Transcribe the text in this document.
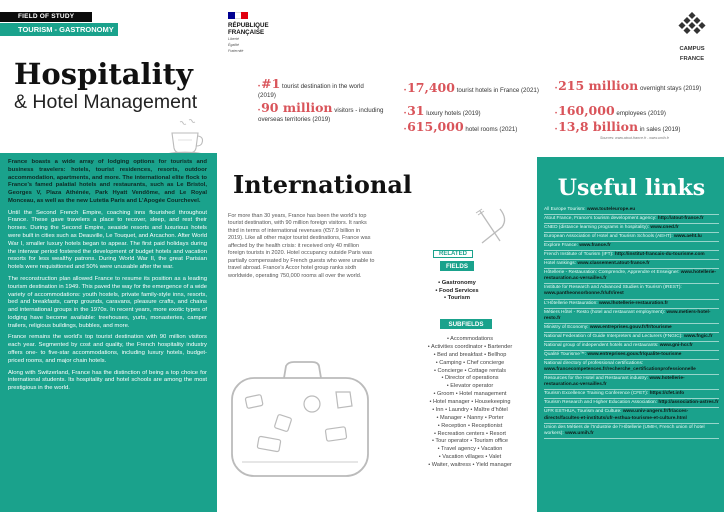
FIELD OF STUDY
TOURISM - GASTRONOMY
Hospitality
& Hotel Management
RÉPUBLIQUE
FRANÇAISE
Liberté
Égalité
Fraternité	CAMPUS
FRANCE
•#1 tourist destination in the world (2019)
•90 million visitors - including overseas territories (2019)
•17,400 tourist hotels in France (2021)
•31 luxury hotels (2019)
•615,000 hotel rooms (2021)
•215 million overnight stays (2019)
•160,000 employees (2019)
•13,8 billion in sales (2019)
Sources: www.atout-france.fr - www.umih.fr

France boasts a wide array of lodging options for tourists and business travelers: hotels, tourist residences, resorts, outdoor accommodation, apartments, and more. The international elite flock to France’s famed palatial hotels and restaurants, such as Le Bristol, Georges V, Plaza Athénée, Park Hyatt Vendôme, and Le Royal Monceau, as well as the new Lutetia Paris and L’Apogée Courchevel.

Until the Second French Empire, coaching inns flourished throughout France. These gave travelers a place to recover, sleep, and rest their horses. During the Second Empire, seaside resorts and luxurious hotels were built in cities such as Deauville, Le Touquet, and Arcachon. After World War I, smaller luxury hotels began to appear. The first paid holidays during the interwar period fostered the development of budget hotels and vacation resorts for less wealthy patrons. During World War II, the great Parisian hotels were requisitioned and 50% were unusable after the war.

The reconstruction plan allowed France to resume its position as a leading tourism destination in 1949. This paved the way for the emergence of a wide variety of accommodations: youth hostels, private family-style inns, resorts, bed and breakfasts, camp grounds, caravans, pleasure crafts, and chains and international groups in the 1970s. In recent years, more exotic types of lodging have become available: treehouses, yurts, monasteries, camper trailers, religious buildings, bubbles, and more.

France remains the world’s top tourist destination with 90 million visitors each year. Segmented by cost and quality, the French hospitality industry offers one- to five-star accommodations, including luxury hotels, budget-priced rooms, and major chain hotels.

Along with Switzerland, France has the distinction of being a top choice for international students. Its hospitality and hotel schools are among the most prestigious in the world.

International
For more than 30 years, France has been the world’s top tourist destination, with 90 million foreign visitors. It ranks third in terms of international revenues (€57.9 billion in 2019). Like all other major tourist destinations, France was affected by the health crisis: it received only 40 million foreign tourists in 2020. Hotel occupancy outside Paris was partially compensated by French guests who were unable to travel abroad. France’s Accor hotel group ranks sixth worldwide, operating 750,000 rooms all over the world.
RELATED
FIELDS
• Gastronomy
• Food Services
• Tourism
SUBFIELDS
• Accommodations
• Activities coordinator • Bartender
• Bed and breakfast • Bellhop
• Camping • Chef concierge
• Concierge • Cottage rentals
• Director of operations
• Elevator operator
• Groom • Hotel management
• Hotel manager • Housekeeping
• Inn • Laundry • Maître d’hôtel
• Manager • Nanny • Porter
• Reception • Receptionist
• Recreation centers • Resort
• Tour operator • Tourism office
• Travel agency • Vacation
• Vacation villages • Valet
• Waiter, waitress • Yield manager
Useful links
All Europe Tourism: www.touteleurope.eu
Atout France, France’s tourism development agency: http://atout-france.fr
CNED (distance learning programs in hospitality): www.cned.fr
European Association of Hotel and Tourism Schools (AEHT): www.aeht.lu
Explore France: www.france.fr
French Institute of Tourism (IFT): http://institut-francais-du-tourisme.com
Hotel rankings: www.classement.atout-france.fr
Hôtellerie - Restauration: Comprendre, Apprendre et Enseigner: www.hotellerie-restauration.ac-versailles.fr
Institute for Research and Advanced Studies in Tourism (IREST): www.pantheonsorbonne.fr/ufr/irest
L’Hôtellerie Restauration: www.lhotellerie-restauration.fr
Métiers Hôtel - Resto (hotel and restaurant employment): www.metiers-hotel-resto.fr
Ministry of Economy: www.entreprises.gouv.fr/fr/tourisme
National Federation of Guide Interpreters and Lecturers (FNGIC): www.fngic.fr
National group of independent hotels and restaurants: www.gni-hcr.fr
Qualité Tourisme™: www.entreprises.gouv.fr/qualite-tourisme
National directory of professional certifications: www.francecompetences.fr/recherche_certificationprofessionnelle
Resources for the Hotel and Restaurant industry: www.hotellerie-restauration.ac-versailles.fr
Tourism Excellence Training Conference (CFET): https://cfet.info
Tourism Research and Higher Education Association: http://association-astres.fr
UFR ESTHUA, Tourism and Culture: www.univ-angers.fr/fr/acces-directs/facultes-et-instituts/ufr-esthua-tourisme-et-culture.html
Union des Métiers de l’Industrie de l’Hôtellerie (UMIH, French union of hotel workers): www.umih.fr
